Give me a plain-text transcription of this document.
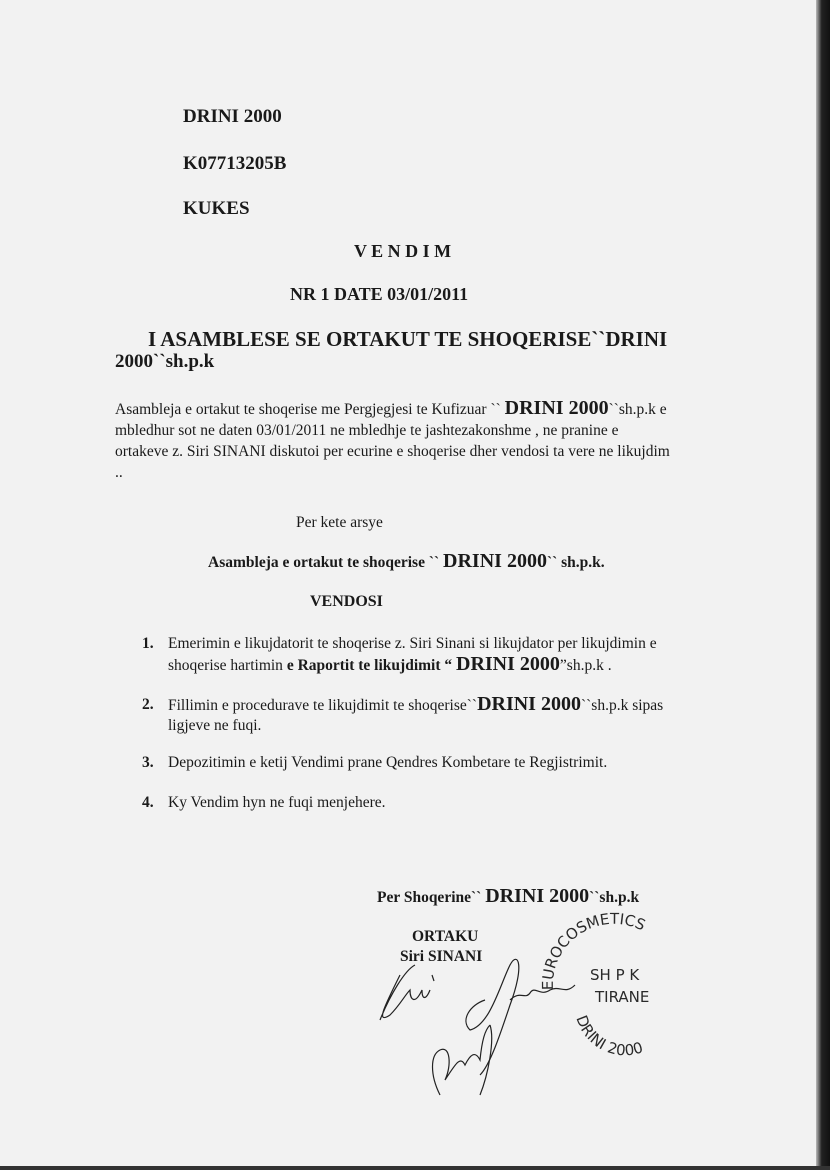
DRINI 2000
K07713205B
KUKES
V E N D I M
NR 1 DATE 03/01/2011
I ASAMBLESE SE ORTAKUT TE SHOQERISE``DRINI
2000``sh.p.k
Asambleja e ortakut te shoqerise me Pergjegjesi te Kufizuar `` DRINI 2000``sh.p.k e
mbledhur sot ne daten 03/01/2011 ne mbledhje te jashtezakonshme , ne pranine e
ortakeve z. Siri SINANI diskutoi per ecurine e shoqerise dher vendosi ta vere ne likujdim
..
Per kete arsye
Asambleja e ortakut te shoqerise `` DRINI 2000`` sh.p.k.
VENDOSI
1. Emerimin e likujdatorit te shoqerise z. Siri Sinani si likujdator per likujdimin e
shoqerise hartimin e Raportit te likujdimit “ DRINI 2000”sh.p.k .
2. Fillimin e procedurave te likujdimit te shoqerise``DRINI 2000``sh.p.k sipas
ligjeve ne fuqi.
3. Depozitimin e ketij Vendimi prane Qendres Kombetare te Regjistrimit.
4. Ky Vendim hyn ne fuqi menjehere.
Per Shoqerine`` DRINI 2000``sh.p.k
ORTAKU
Siri SINANI
EUROCOSMETICS
SH P K
TIRANE
DRINI 2000
